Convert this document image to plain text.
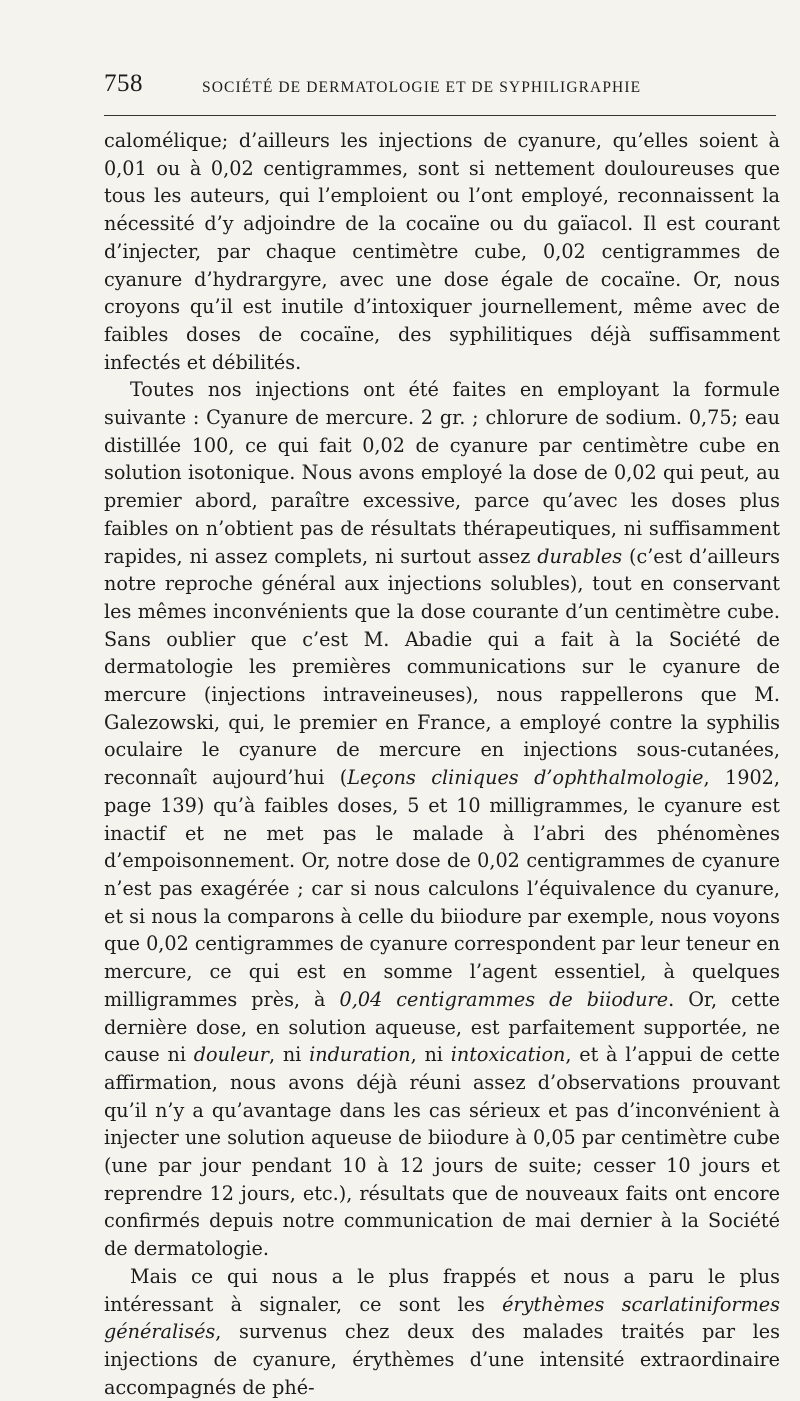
758	SOCIÉTÉ DE DERMATOLOGIE ET DE SYPHILIGRAPHIE

calomélique; d’ailleurs les injections de cyanure, qu’elles soient à 0,01 ou à 0,02 centigrammes, sont si nettement douloureuses que tous les auteurs, qui l’emploient ou l’ont employé, reconnaissent la nécessité d’y adjoindre de la cocaïne ou du gaïacol. Il est courant d’injecter, par chaque centimètre cube, 0,02 centigrammes de cyanure d’hydrargyre, avec une dose égale de cocaïne. Or, nous croyons qu’il est inutile d’intoxiquer journellement, même avec de faibles doses de cocaïne, des syphilitiques déjà suffisamment infectés et débilités.

Toutes nos injections ont été faites en employant la formule suivante : Cyanure de mercure. 2 gr. ; chlorure de sodium. 0,75; eau distillée 100, ce qui fait 0,02 de cyanure par centimètre cube en solution isotonique. Nous avons employé la dose de 0,02 qui peut, au premier abord, paraître excessive, parce qu’avec les doses plus faibles on n’obtient pas de résultats thérapeutiques, ni suffisamment rapides, ni assez complets, ni surtout assez durables (c’est d’ailleurs notre reproche général aux injections solubles), tout en conservant les mêmes inconvénients que la dose courante d’un centimètre cube. Sans oublier que c’est M. Abadie qui a fait à la Société de dermatologie les premières communications sur le cyanure de mercure (injections intraveineuses), nous rappellerons que M. Galezowski, qui, le premier en France, a employé contre la syphilis oculaire le cyanure de mercure en injections sous-cutanées, reconnaît aujourd’hui (Leçons cliniques d’ophthalmologie, 1902, page 139) qu’à faibles doses, 5 et 10 milligrammes, le cyanure est inactif et ne met pas le malade à l’abri des phénomènes d’empoisonnement. Or, notre dose de 0,02 centigrammes de cyanure n’est pas exagérée ; car si nous calculons l’équivalence du cyanure, et si nous la comparons à celle du biiodure par exemple, nous voyons que 0,02 centigrammes de cyanure correspondent par leur teneur en mercure, ce qui est en somme l’agent essentiel, à quelques milligrammes près, à 0,04 centigrammes de biiodure. Or, cette dernière dose, en solution aqueuse, est parfaitement supportée, ne cause ni douleur, ni induration, ni intoxication, et à l’appui de cette affirmation, nous avons déjà réuni assez d’observations prouvant qu’il n’y a qu’avantage dans les cas sérieux et pas d’inconvénient à injecter une solution aqueuse de biiodure à 0,05 par centimètre cube (une par jour pendant 10 à 12 jours de suite; cesser 10 jours et reprendre 12 jours, etc.), résultats que de nouveaux faits ont encore confirmés depuis notre communication de mai dernier à la Société de dermatologie.

Mais ce qui nous a le plus frappés et nous a paru le plus intéressant à signaler, ce sont les érythèmes scarlatiniformes généralisés, survenus chez deux des malades traités par les injections de cyanure, érythèmes d’une intensité extraordinaire accompagnés de phé-
